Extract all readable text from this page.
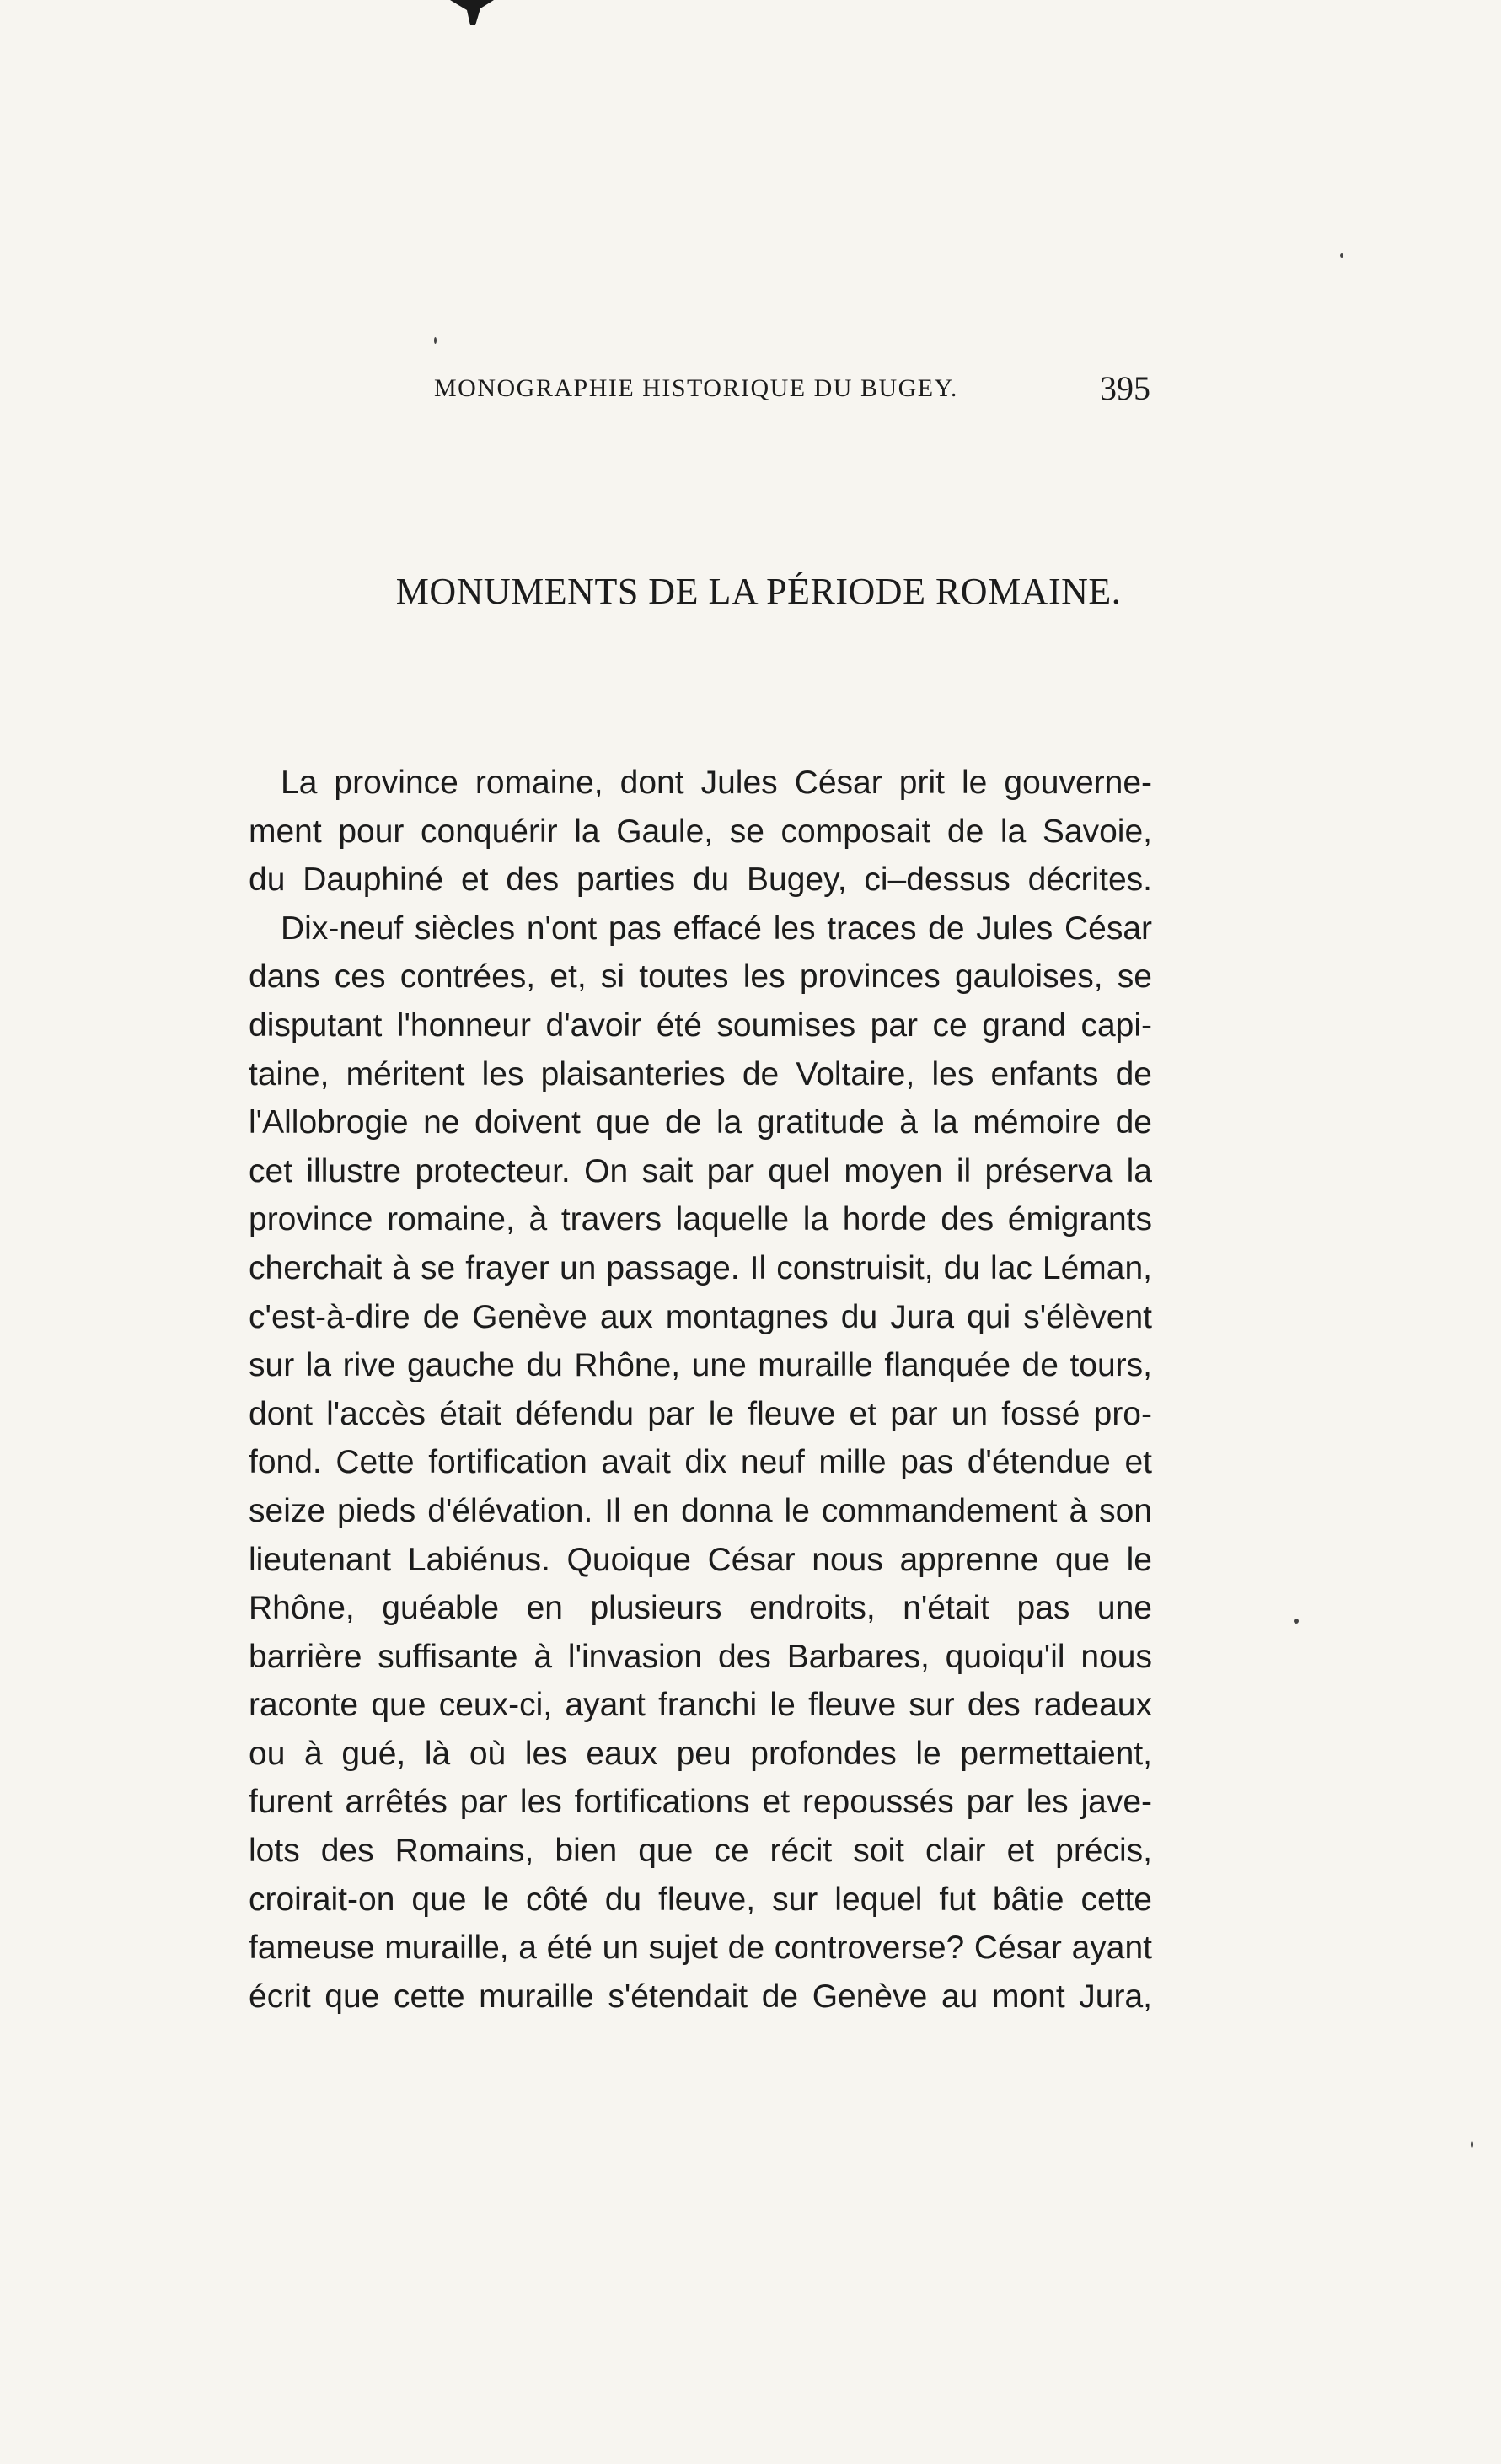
MONOGRAPHIE HISTORIQUE DU BUGEY.	395
MONUMENTS DE LA PÉRIODE ROMAINE.
La province romaine, dont Jules César prit le gouverne-
ment pour conquérir la Gaule, se composait de la Savoie,
du Dauphiné et des parties du Bugey, ci–dessus décrites.
Dix-neuf siècles n'ont pas effacé les traces de Jules César
dans ces contrées, et, si toutes les provinces gauloises, se
disputant l'honneur d'avoir été soumises par ce grand capi-
taine, méritent les plaisanteries de Voltaire, les enfants de
l'Allobrogie ne doivent que de la gratitude à la mémoire de
cet illustre protecteur. On sait par quel moyen il préserva la
province romaine, à travers laquelle la horde des émigrants
cherchait à se frayer un passage. Il construisit, du lac Léman,
c'est-à-dire de Genève aux montagnes du Jura qui s'élèvent
sur la rive gauche du Rhône, une muraille flanquée de tours,
dont l'accès était défendu par le fleuve et par un fossé pro-
fond. Cette fortification avait dix neuf mille pas d'étendue et
seize pieds d'élévation. Il en donna le commandement à son
lieutenant Labiénus. Quoique César nous apprenne que le
Rhône, guéable en plusieurs endroits, n'était pas une
barrière suffisante à l'invasion des Barbares, quoiqu'il nous
raconte que ceux-ci, ayant franchi le fleuve sur des radeaux
ou à gué, là où les eaux peu profondes le permettaient,
furent arrêtés par les fortifications et repoussés par les jave-
lots des Romains, bien que ce récit soit clair et précis,
croirait-on que le côté du fleuve, sur lequel fut bâtie cette
fameuse muraille, a été un sujet de controverse? César ayant
écrit que cette muraille s'étendait de Genève au mont Jura,
